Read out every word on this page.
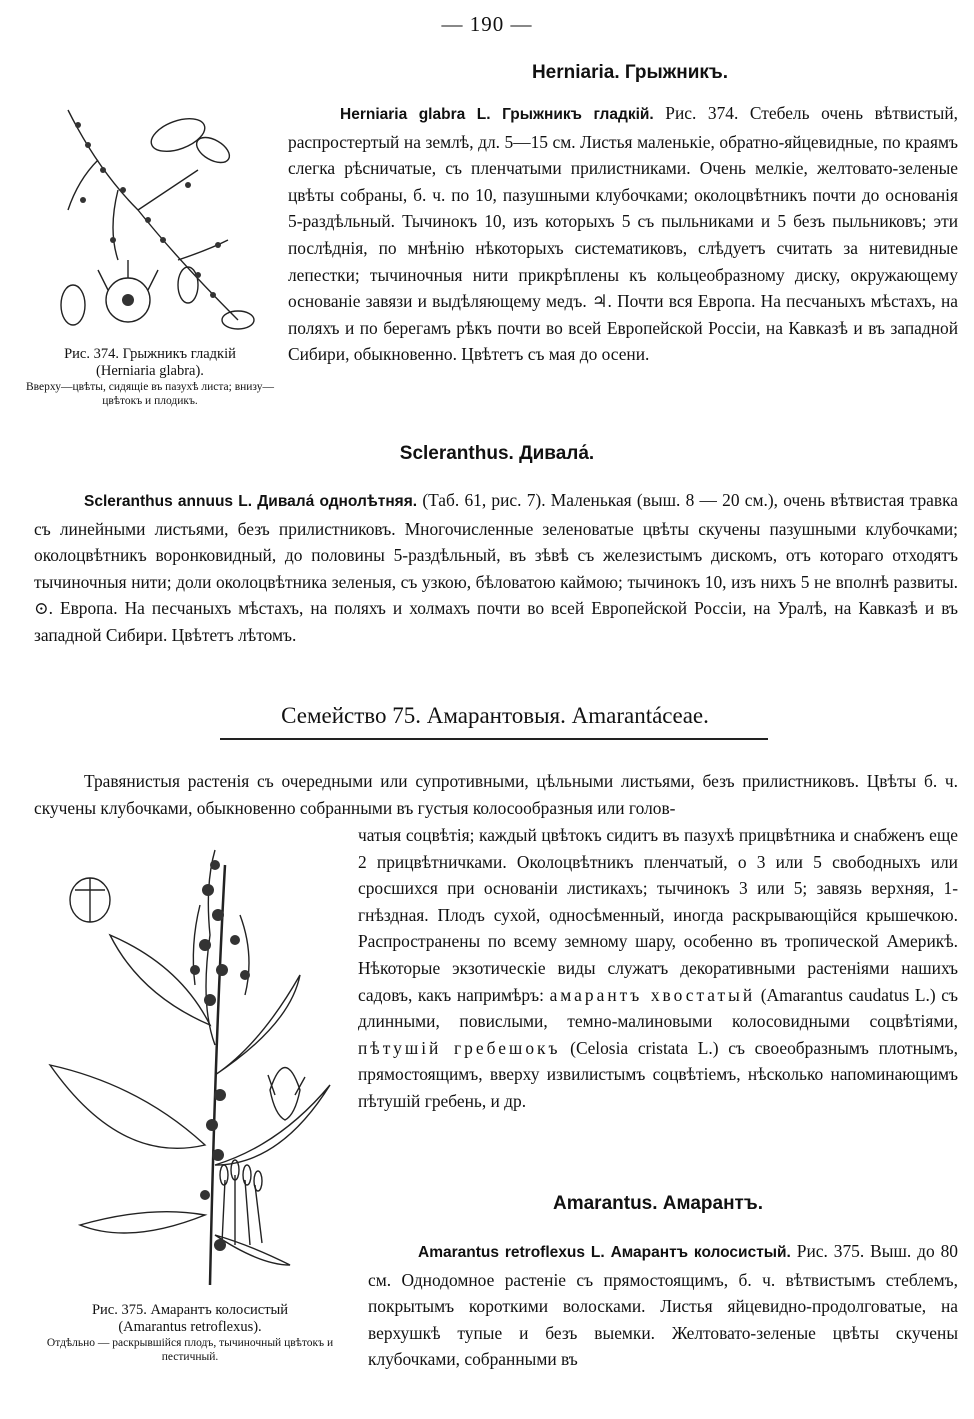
— 190 —
Herniaria. Грыжникъ.
Рис. 374. Грыжникъ гладкій
(Herniaria glabra).
Вверху—цвѣты, сидящіе въ пазухѣ листа; внизу—цвѣтокъ и плодикъ.
Herniaria glabra L. Грыжникъ гладкій. Рис. 374. Стебель очень вѣтвистый, распростертый на землѣ, дл. 5—15 см. Листья маленькіе, обратно-яйцевидные, по краямъ слегка рѣсничатые, съ пленчатыми прилистниками. Очень мелкіе, желтовато-зеленые цвѣты собраны, б. ч. по 10, пазушными клубочками; околоцвѣтникъ почти до основанія 5-раздѣльный. Тычинокъ 10, изъ которыхъ 5 съ пыльниками и 5 безъ пыльниковъ; эти послѣднія, по мнѣнію нѣкоторыхъ систематиковъ, слѣдуетъ считать за нитевидные лепестки; тычиночныя нити прикрѣплены къ кольцеобразному диску, окружающему основаніе завязи и выдѣляющему медъ. ♃. Почти вся Европа. На песчаныхъ мѣстахъ, на поляхъ и по берегамъ рѣкъ почти во всей Европейской Россіи, на Кавказѣ и въ западной Сибири, обыкновенно. Цвѣтетъ съ мая до осени.
Scleranthus. Дивала́.
Scleranthus annuus L. Дивала́ однолѣтняя. (Таб. 61, рис. 7). Маленькая (выш. 8 — 20 см.), очень вѣтвистая травка съ линейными листьями, безъ прилистниковъ. Многочисленные зеленоватые цвѣты скучены пазушными клубочками; околоцвѣтникъ воронковидный, до половины 5-раздѣльный, въ зѣвѣ съ железистымъ дискомъ, отъ котораго отходятъ тычиночныя нити; доли околоцвѣтника зеленыя, съ узкою, бѣловатою каймою; тычинокъ 10, изъ нихъ 5 не вполнѣ развиты. ⊙. Европа. На песчаныхъ мѣстахъ, на поляхъ и холмахъ почти во всей Европейской Россіи, на Уралѣ, на Кавказѣ и въ западной Сибири. Цвѣтетъ лѣтомъ.
Семейство 75. Амарантовыя. Amarantáceae.
Травянистыя растенія съ очередными или супротивными, цѣльными листьями, безъ прилистниковъ. Цвѣты б. ч. скучены клубочками, обыкновенно собранными въ густыя колосообразныя или голов-
чатыя соцвѣтія; каждый цвѣтокъ сидитъ въ пазухѣ прицвѣтника и снабженъ еще 2 прицвѣтничками. Околоцвѣтникъ пленчатый, о 3 или 5 свободныхъ или сросшихся при основаніи листикахъ; тычинокъ 3 или 5; завязь верхняя, 1-гнѣздная. Плодъ сухой, односѣменный, иногда раскрывающійся крышечкою. Распространены по всему земному шару, особенно въ тропической Америкѣ. Нѣкоторые экзотическіе виды служатъ декоративными растеніями нашихъ садовъ, какъ напримѣръ: амарантъ хвостатый (Amarantus caudatus L.) съ длинными, повислыми, темно-малиновыми колосовидными соцвѣтіями, пѣтушій гребешокъ (Celosia cristata L.) съ своеобразнымъ плотнымъ, прямостоящимъ, вверху извилистымъ соцвѣтіемъ, нѣсколько напоминающимъ пѣтушій гребень, и др.
Рис. 375. Амарантъ колосистый
(Amarantus retroflexus).
Отдѣльно — раскрывшійся плодъ, тычиночный цвѣтокъ и пестичный.
Amarantus. Амарантъ.
Amarantus retroflexus L. Амарантъ колосистый. Рис. 375. Выш. до 80 см. Однодомное растеніе съ прямостоящимъ, б. ч. вѣтвистымъ стеблемъ, покрытымъ короткими волосками. Листья яйцевидно-продолговатые, на верхушкѣ тупые и безъ выемки. Желтовато-зеленые цвѣты скучены клубочками, собранными въ
